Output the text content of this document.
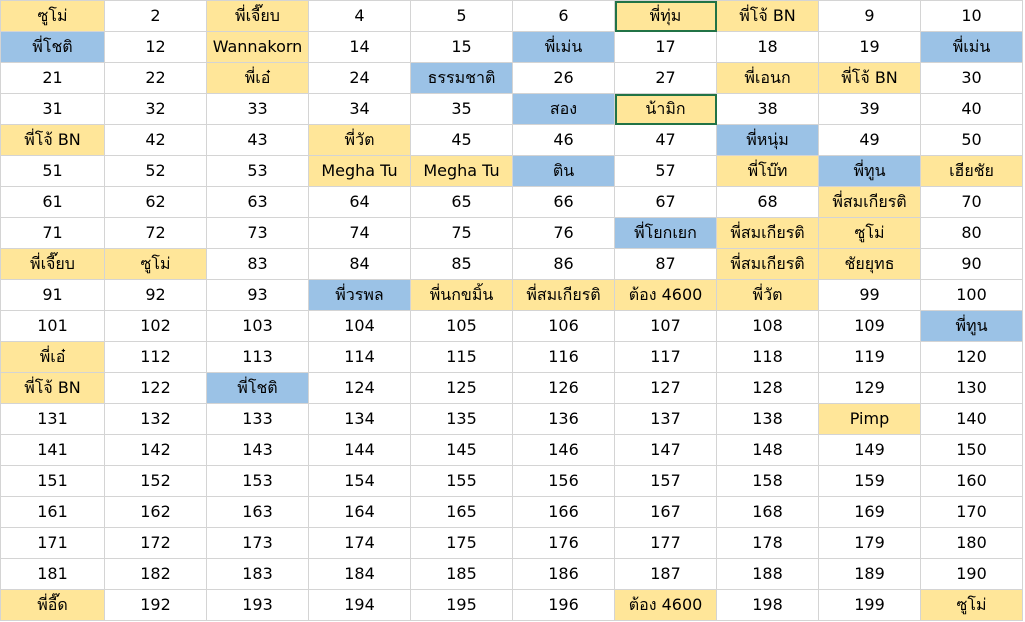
ซูโม่	2	พี่เจี๊ยบ	4	5	6	พี่ทุ่ม	พี่โจ้ BN	9	10
พี่โชติ	12	Wannakorn	14	15	พี่เม่น	17	18	19	พี่เม่น
21	22	พี่เอ๋	24	ธรรมชาติ	26	27	พี่เอนก	พี่โจ้ BN	30
31	32	33	34	35	สอง	น้ามิก	38	39	40
พี่โจ้ BN	42	43	พี่วัต	45	46	47	พี่หนุ่ม	49	50
51	52	53	Megha Tu	Megha Tu	ติน	57	พี่โบ๊ท	พี่ทูน	เฮียชัย
61	62	63	64	65	66	67	68	พี่สมเกียรติ	70
71	72	73	74	75	76	พี่โยกเยก	พี่สมเกียรติ	ซูโม่	80
พี่เจี๊ยบ	ซูโม่	83	84	85	86	87	พี่สมเกียรติ	ชัยยุทธ	90
91	92	93	พี่วรพล	พี่นกขมิ้น	พี่สมเกียรติ	ต้อง 4600	พี่วัต	99	100
101	102	103	104	105	106	107	108	109	พี่ทูน
พี่เอ๋	112	113	114	115	116	117	118	119	120
พี่โจ้ BN	122	พี่โชติ	124	125	126	127	128	129	130
131	132	133	134	135	136	137	138	Pimp	140
141	142	143	144	145	146	147	148	149	150
151	152	153	154	155	156	157	158	159	160
161	162	163	164	165	166	167	168	169	170
171	172	173	174	175	176	177	178	179	180
181	182	183	184	185	186	187	188	189	190
พี่อี๊ด	192	193	194	195	196	ต้อง 4600	198	199	ซูโม่
